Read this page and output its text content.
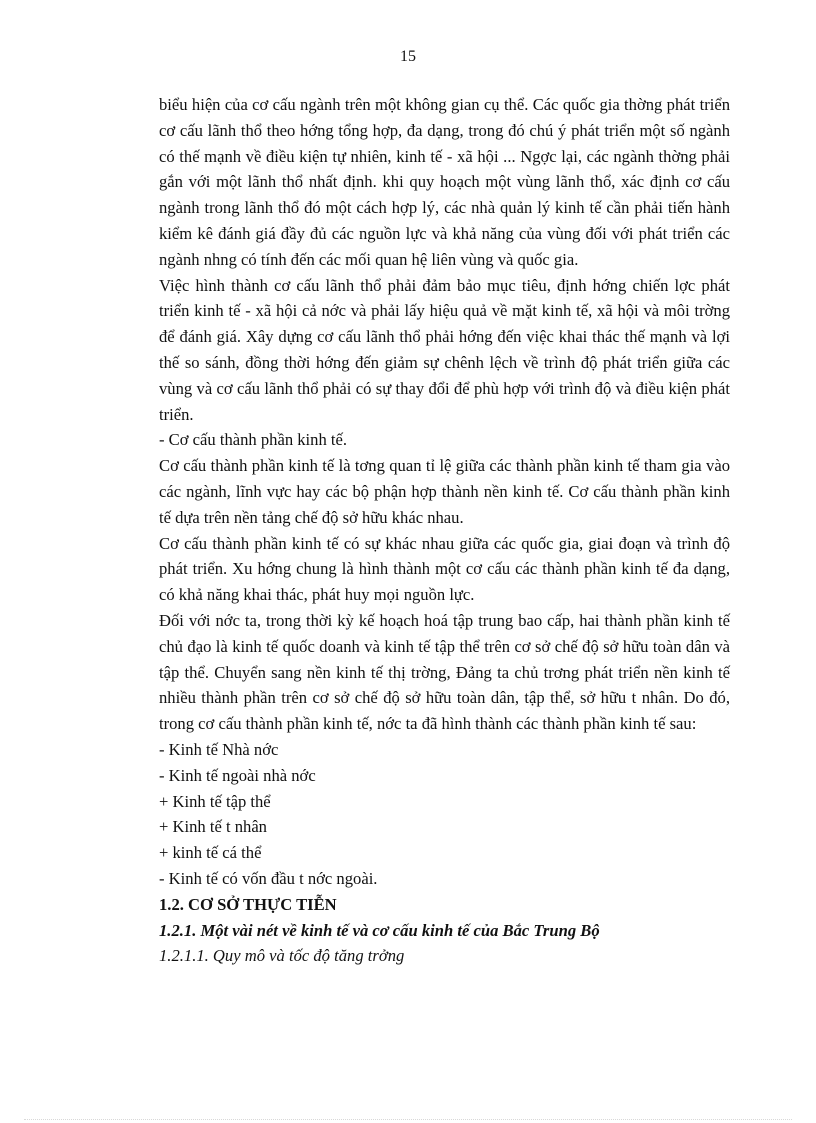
15

biểu hiện của cơ cấu ngành trên một không gian cụ thể. Các quốc gia thờng phát triển cơ cấu lãnh thổ theo hớng tổng hợp, đa dạng, trong đó chú ý phát triển một số ngành có thế mạnh về điều kiện tự nhiên, kinh tế - xã hội ... Ngợc lại, các ngành thờng phải gắn với một lãnh thổ nhất định. khi quy hoạch một vùng lãnh thổ, xác định cơ cấu ngành trong lãnh thổ đó một cách hợp lý, các nhà quản lý kinh tế cần phải tiến hành kiểm kê đánh giá đầy đủ các nguồn lực và khả năng của vùng đối với phát triển các ngành nhng có tính đến các mối quan hệ liên vùng và quốc gia.

Việc hình thành cơ cấu lãnh thổ phải đảm bảo mục tiêu, định hớng chiến lợc phát triển kinh tế - xã hội cả nớc và phải lấy hiệu quả về mặt kinh tế, xã hội và môi trờng để đánh giá. Xây dựng cơ cấu lãnh thổ phải hớng đến việc khai thác thế mạnh và lợi thế so sánh, đồng thời hớng đến giảm sự chênh lệch về trình độ phát triển giữa các vùng và cơ cấu lãnh thổ phải có sự thay đổi để phù hợp với trình độ và điều kiện phát triển.

- Cơ cấu thành phần kinh tế.

Cơ cấu thành phần kinh tế là tơng quan tỉ lệ giữa các thành phần kinh tế tham gia vào các ngành, lĩnh vực hay các bộ phận hợp thành nền kinh tế. Cơ cấu thành phần kinh tế dựa trên nền tảng chế độ sở hữu khác nhau.

Cơ cấu thành phần kinh tế có sự khác nhau giữa các quốc gia, giai đoạn và trình độ phát triển. Xu hớng chung là hình thành một cơ cấu các thành phần kinh tế đa dạng, có khả năng khai thác, phát huy mọi nguồn lực.

Đối với nớc ta, trong thời kỳ kế hoạch hoá tập trung bao cấp, hai thành phần kinh tế chủ đạo là kinh tế quốc doanh và kinh tế tập thể trên cơ sở chế độ sở hữu toàn dân và tập thể. Chuyển sang nền kinh tế thị trờng, Đảng ta chủ trơng phát triển nền kinh tế nhiều thành phần trên cơ sở chế độ sở hữu toàn dân, tập thể, sở hữu t nhân. Do đó, trong cơ cấu thành phần kinh tế, nớc ta đã hình thành các thành phần kinh tế sau:

- Kinh tế Nhà nớc

- Kinh tế ngoài nhà nớc

+ Kinh tế tập thể

+ Kinh tế t nhân

+ kinh tế cá thể

- Kinh tế có vốn đầu t nớc ngoài.

1.2. CƠ SỞ THỰC TIỄN

1.2.1. Một vài nét về kinh tế và cơ cấu kinh tế của Bắc Trung Bộ

1.2.1.1. Quy mô và tốc độ tăng trởng
